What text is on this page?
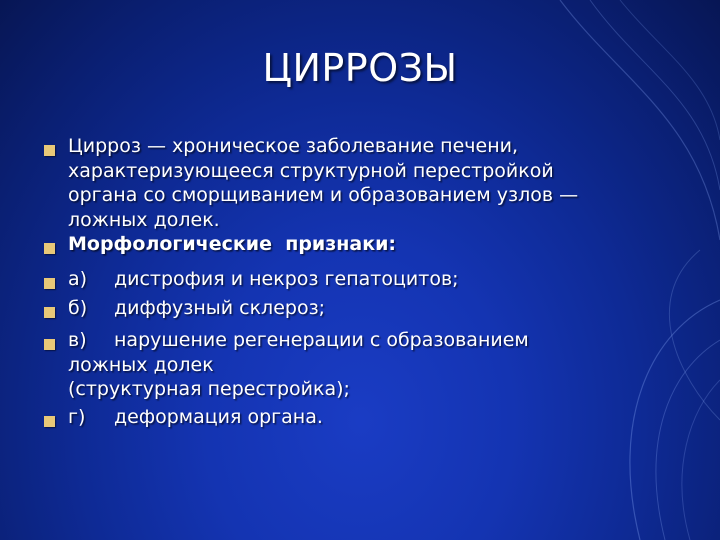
ЦИРРОЗЫ
Цирроз — хроническое заболевание печени,
характеризующееся структурной перестройкой
органа со сморщиванием и образованием узлов —
ложных долек.
Морфологические  признаки:
а) дистрофия и некроз гепатоцитов;
б) диффузный склероз;
в) нарушение регенерации с образованием
ложных долек
(структурная перестройка);
г) деформация органа.
